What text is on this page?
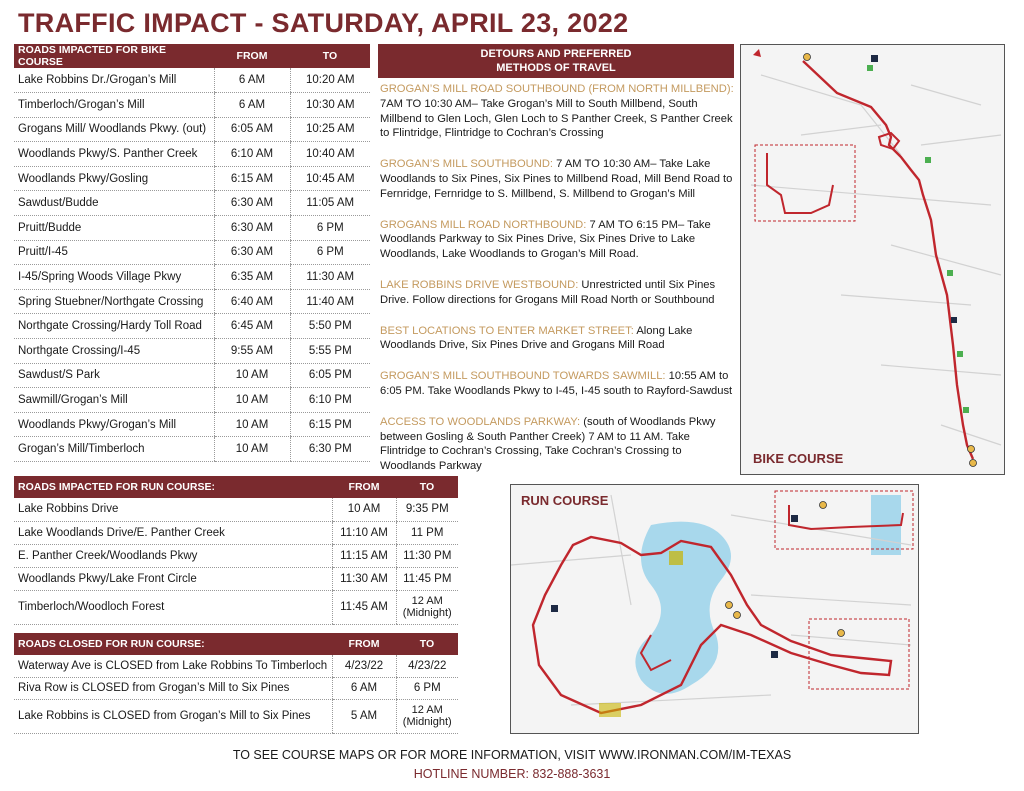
TRAFFIC IMPACT - SATURDAY, APRIL 23, 2022
ROADS IMPACTED FOR BIKE COURSE	FROM	TO
Lake Robbins Dr./Grogan’s Mill	6 AM	10:20 AM
Timberloch/Grogan’s Mill	6 AM	10:30 AM
Grogans Mill/ Woodlands Pkwy. (out)	6:05 AM	10:25 AM
Woodlands Pkwy/S. Panther Creek	6:10 AM	10:40 AM
Woodlands Pkwy/Gosling	6:15 AM	10:45 AM
Sawdust/Budde	6:30 AM	11:05 AM
Pruitt/Budde	6:30 AM	6 PM
Pruitt/I-45	6:30 AM	6 PM
I-45/Spring Woods Village Pkwy	6:35 AM	11:30 AM
Spring Stuebner/Northgate Crossing	6:40 AM	11:40 AM
Northgate Crossing/Hardy Toll Road	6:45 AM	5:50 PM
Northgate Crossing/I-45	9:55 AM	5:55 PM
Sawdust/S Park	10 AM	6:05 PM
Sawmill/Grogan’s Mill	10 AM	6:10 PM
Woodlands Pkwy/Grogan’s Mill	10 AM	6:15 PM
Grogan’s Mill/Timberloch	10 AM	6:30 PM
DETOURS AND PREFERRED
METHODS OF TRAVEL

GROGAN’S MILL ROAD SOUTHBOUND (FROM NORTH MILLBEND): 7AM TO 10:30 AM– Take Grogan’s Mill to South Millbend, South Millbend to Glen Loch, Glen Loch to S Panther Creek, S Panther Creek to Flintridge, Flintridge to Cochran’s Crossing

GROGAN’S MILL SOUTHBOUND: 7 AM TO 10:30 AM– Take Lake Woodlands to Six Pines, Six Pines to Millbend Road, Mill Bend Road to Fernridge, Fernridge to S. Millbend, S. Millbend to Grogan’s Mill

GROGANS MILL ROAD NORTHBOUND: 7 AM TO 6:15 PM– Take Woodlands Parkway to Six Pines Drive, Six Pines Drive to Lake Woodlands, Lake Woodlands to Grogan’s Mill Road.

LAKE ROBBINS DRIVE WESTBOUND: Unrestricted until Six Pines Drive. Follow directions for Grogans Mill Road North or Southbound

BEST LOCATIONS TO ENTER MARKET STREET: Along Lake Woodlands Drive, Six Pines Drive and Grogans Mill Road

GROGAN’S MILL SOUTHBOUND TOWARDS SAWMILL: 10:55 AM to 6:05 PM. Take Woodlands Pkwy to I-45, I-45 south to Rayford-Sawdust

ACCESS TO WOODLANDS PARKWAY: (south of Woodlands Pkwy between Gosling & South Panther Creek) 7 AM to 11 AM. Take Flintridge to Cochran’s Crossing, Take Cochran’s Crossing to Woodlands Parkway

ROADS IMPACTED FOR RUN COURSE:	FROM	TO
Lake Robbins Drive	10 AM	9:35 PM
Lake Woodlands Drive/E. Panther Creek	11:10 AM	11 PM
E. Panther Creek/Woodlands Pkwy	11:15 AM	11:30 PM
Woodlands Pkwy/Lake Front Circle	11:30 AM	11:45 PM
Timberloch/Woodloch Forest	11:45 AM	12 AM
(Midnight)
ROADS CLOSED FOR RUN COURSE:	FROM	TO
Waterway Ave is CLOSED from Lake Robbins To Timberloch	4/23/22	4/23/22
Riva Row is CLOSED from Grogan’s Mill to Six Pines	6 AM	6 PM
Lake Robbins is CLOSED from Grogan’s Mill to Six Pines	5 AM	12 AM
(Midnight)
BIKE COURSE
RUN COURSE
TO SEE COURSE MAPS OR FOR MORE INFORMATION, VISIT WWW.IRONMAN.COM/IM-TEXAS
HOTLINE NUMBER: 832-888-3631
